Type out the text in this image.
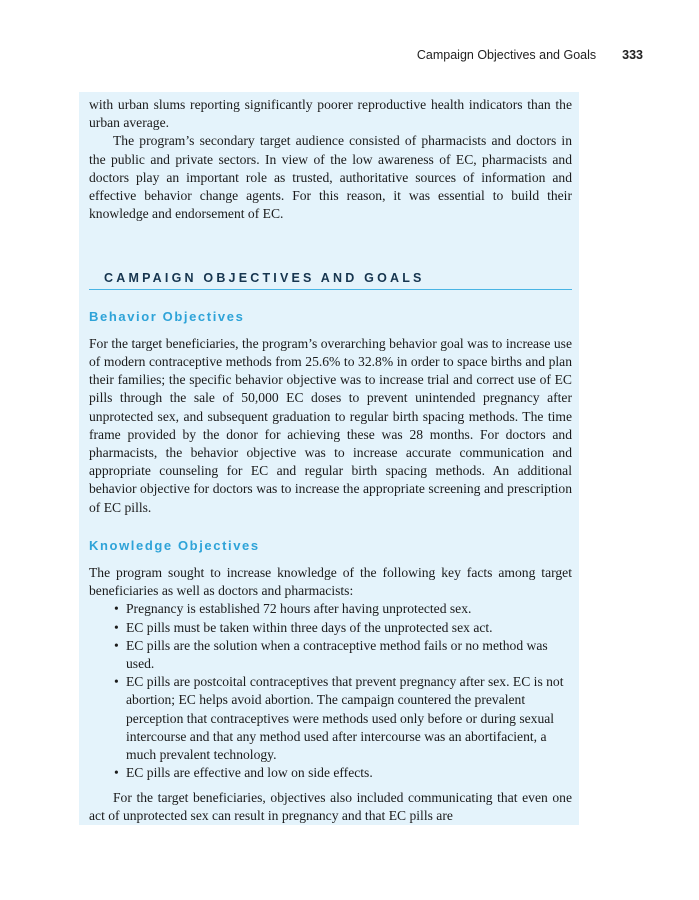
Campaign Objectives and Goals 333

with urban slums reporting significantly poorer reproductive health indicators than the urban average.

The program’s secondary target audience consisted of pharmacists and doctors in the public and private sectors. In view of the low awareness of EC, pharmacists and doctors play an important role as trusted, authoritative sources of information and effective behavior change agents. For this reason, it was essential to build their knowledge and endorsement of EC.

CAMPAIGN OBJECTIVES AND GOALS
Behavior Objectives

For the target beneficiaries, the program’s overarching behavior goal was to increase use of modern contraceptive methods from 25.6% to 32.8% in order to space births and plan their families; the specific behavior objective was to increase trial and correct use of EC pills through the sale of 50,000 EC doses to prevent unintended pregnancy after unprotected sex, and subsequent graduation to regular birth spacing methods. The time frame provided by the donor for achieving these was 28 months. For doctors and pharmacists, the behavior objective was to increase accurate communication and appropriate counseling for EC and regular birth spacing methods. An additional behavior objective for doctors was to increase the appropriate screening and prescription of EC pills.

Knowledge Objectives

The program sought to increase knowledge of the following key facts among target beneficiaries as well as doctors and pharmacists:

• Pregnancy is established 72 hours after having unprotected sex.
• EC pills must be taken within three days of the unprotected sex act.
• EC pills are the solution when a contraceptive method fails or no method was used.
• EC pills are postcoital contraceptives that prevent pregnancy after sex. EC is not abortion; EC helps avoid abortion. The campaign countered the prevalent perception that contraceptives were methods used only before or during sexual intercourse and that any method used after intercourse was an abortifacient, a much prevalent technology.
• EC pills are effective and low on side effects.

For the target beneficiaries, objectives also included communicating that even one act of unprotected sex can result in pregnancy and that EC pills are
